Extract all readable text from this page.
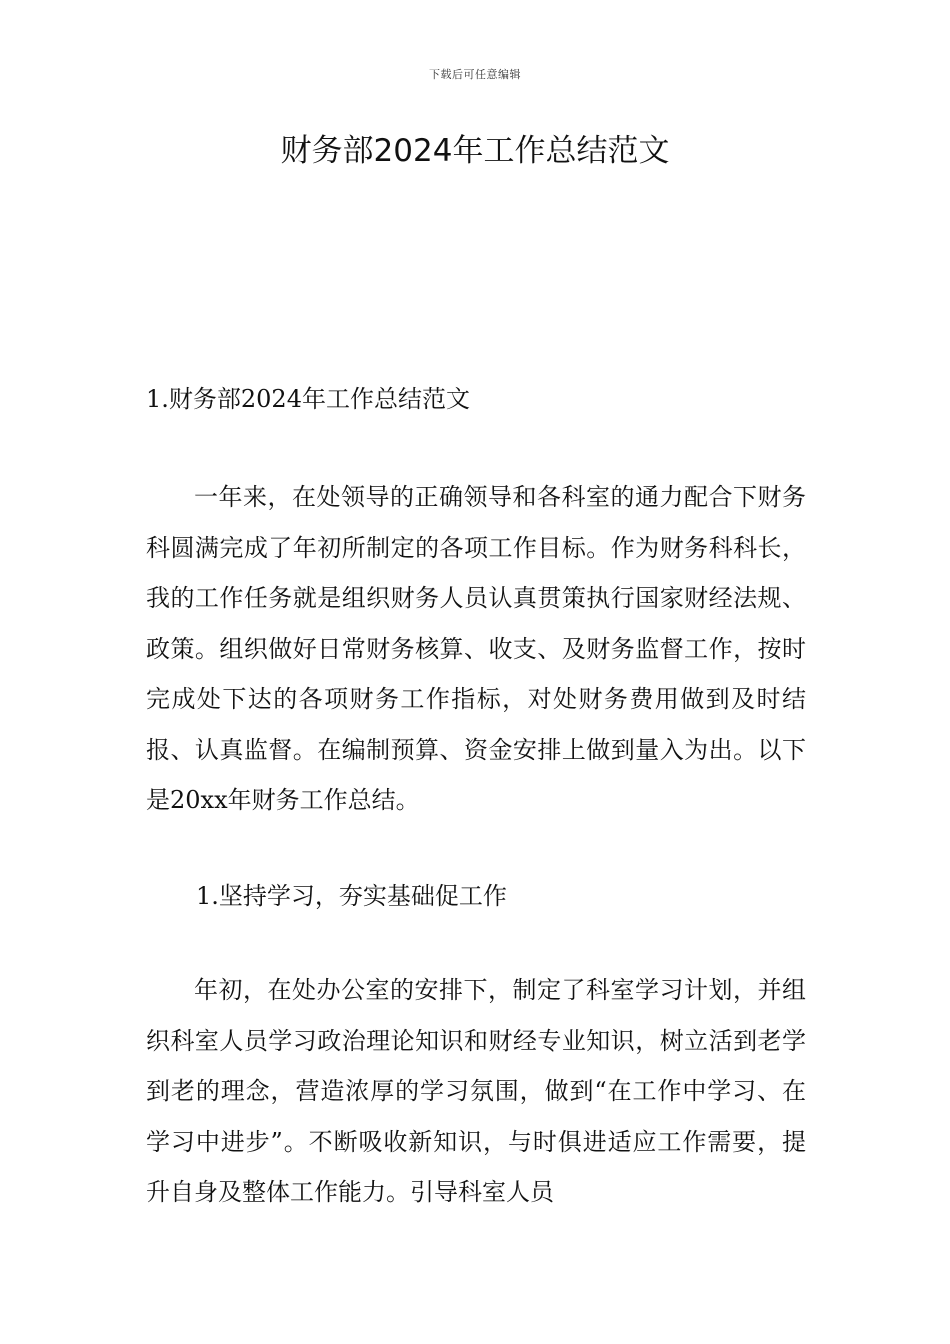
下载后可任意编辑
财务部2024年工作总结范文
1.财务部2024年工作总结范文

一年来，在处领导的正确领导和各科室的通力配合下财务科圆满完成了年初所制定的各项工作目标。作为财务科科长，我的工作任务就是组织财务人员认真贯策执行国家财经法规、政策。组织做好日常财务核算、收支、及财务监督工作，按时完成处下达的各项财务工作指标，对处财务费用做到及时结报、认真监督。在编制预算、资金安排上做到量入为出。以下是20xx年财务工作总结。

1.坚持学习，夯实基础促工作

年初，在处办公室的安排下，制定了科室学习计划，并组织科室人员学习政治理论知识和财经专业知识，树立活到老学到老的理念，营造浓厚的学习氛围，做到“在工作中学习、在学习中进步”。不断吸收新知识，与时俱进适应工作需要，提升自身及整体工作能力。引导科室人员
